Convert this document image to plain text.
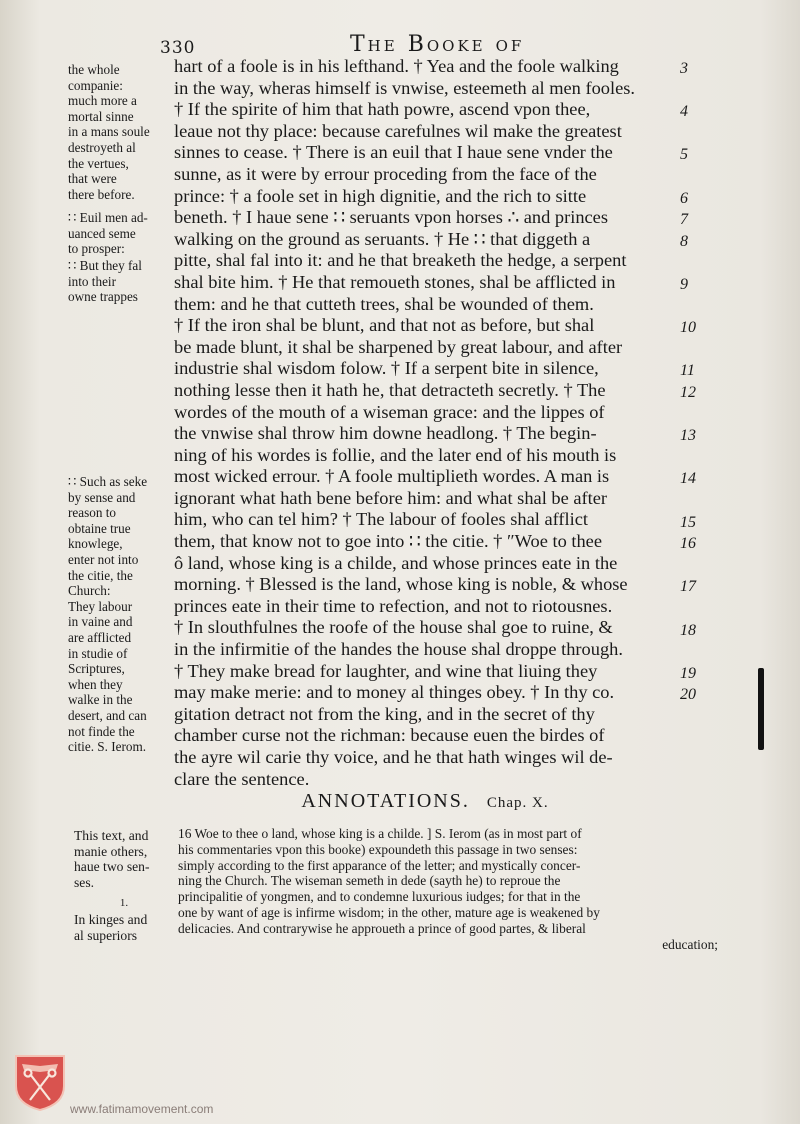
330	The Booke of
the whole
companie:
much more a
mortal sinne
in a mans soule
destroyeth al
the vertues,
that were
there before.
∷ Euil men ad-
uanced seme
to prosper:
∷ But they fal
into their
owne trappes
∷ Such as seke
by sense and
reason to
obtaine true
knowlege,
enter not into
the citie, the
Church:
They labour
in vaine and
are afflicted
in studie of
Scriptures,
when they
walke in the
desert, and can
not finde the
citie. S. Ierom.
hart of a foole is in his lefthand. † Yea and the foole walking
in the way, wheras himself is vnwise, esteemeth al men fooles.
† If the spirite of him that hath powre, ascend vpon thee,
leaue not thy place: because carefulnes wil make the greatest
sinnes to cease. † There is an euil that I haue sene vnder the
sunne, as it were by errour proceding from the face of the
prince: † a foole set in high dignitie, and the rich to sitte
beneth. † I haue sene ∷ seruants vpon horses ∴ and princes
walking on the ground as seruants. † He ∷ that diggeth a
pitte, shal fal into it: and he that breaketh the hedge, a serpent
shal bite him. † He that remoueth stones, shal be afflicted in
them: and he that cutteth trees, shal be wounded of them.
† If the iron shal be blunt, and that not as before, but shal
be made blunt, it shal be sharpened by great labour, and after
industrie shal wisdom folow. † If a serpent bite in silence,
nothing lesse then it hath he, that detracteth secretly. † The
wordes of the mouth of a wiseman grace: and the lippes of
the vnwise shal throw him downe headlong. † The begin-
ning of his wordes is follie, and the later end of his mouth is
most wicked errour. † A foole multiplieth wordes. A man is
ignorant what hath bene before him: and what shal be after
him, who can tel him? † The labour of fooles shal afflict
them, that know not to goe into ∷ the citie. † ″Woe to thee
ô land, whose king is a childe, and whose princes eate in the
morning. † Blessed is the land, whose king is noble, & whose
princes eate in their time to refection, and not to riotousnes.
† In slouthfulnes the roofe of the house shal goe to ruine, &
in the infirmitie of the handes the house shal droppe through.
† They make bread for laughter, and wine that liuing they
may make merie: and to money al thinges obey. † In thy co.
gitation detract not from the king, and in the secret of thy
chamber curse not the richman: because euen the birdes of
the ayre wil carie thy voice, and he that hath winges wil de-
clare the sentence.
3
4
5
6
7
8
9
10
11
12
13
14
15
16
17
18
19
20
ANNOTATIONS. Chap. X.
This text, and
manie others,
haue two sen-
ses.
1.
In kinges and
al superiors
16 Woe to thee o land, whose king is a childe. ] S. Ierom (as in most part of
his commentaries vpon this booke) expoundeth this passage in two senses:
simply according to the first apparance of the letter; and mystically concer-
ning the Church. The wiseman semeth in dede (sayth he) to reproue the
principalitie of yongmen, and to condemne luxurious iudges; for that in the
one by want of age is infirme wisdom; in the other, mature age is weakened by
delicacies. And contrarywise he approueth a prince of good partes, & liberal
education;
www.fatimamovement.com
